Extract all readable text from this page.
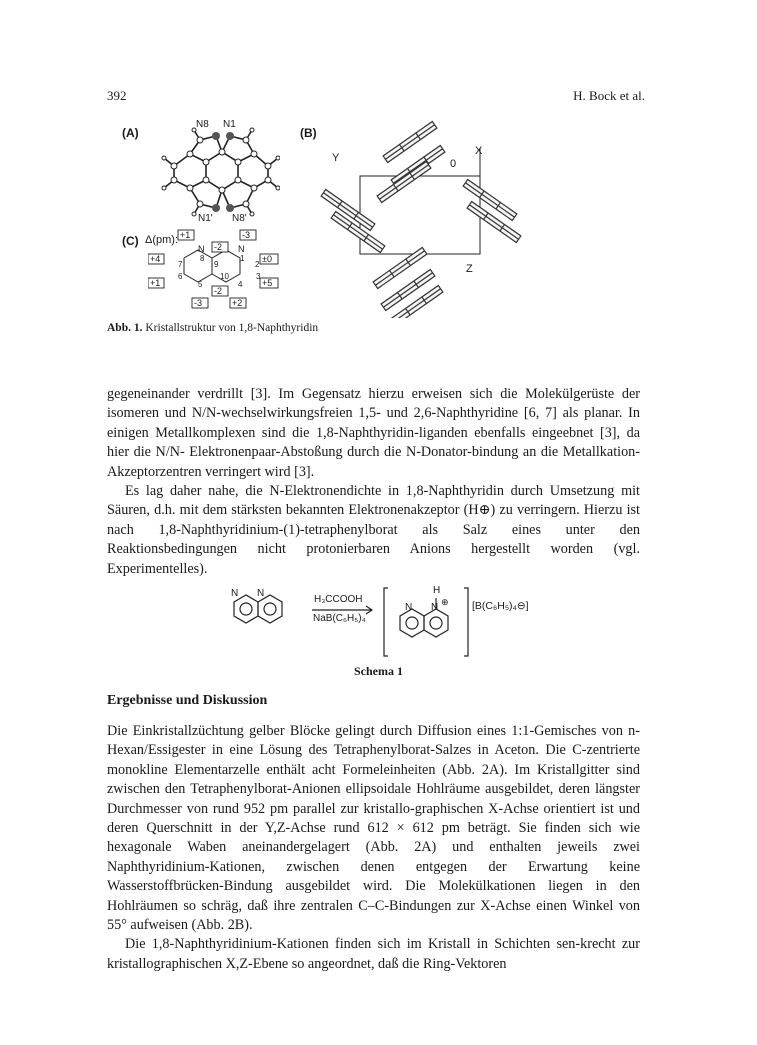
392	H. Bock et al.
(A)	(B)
(C)
N8 N1
N1' N8'
Y	0
X
Z
Δ(pm): +1	-3
-2
+4	±0
+1	+5
-2
-3	+2
N	N
8	1
7	9	2
10
6	3
5	4
Abb. 1. Kristallstruktur von 1,8-Naphthyridin

gegeneinander verdrillt [3]. Im Gegensatz hierzu erweisen sich die Molekülgerüste der isomeren und N/N-wechselwirkungsfreien 1,5- und 2,6-Naphthyridine [6, 7] als planar. In einigen Metallkomplexen sind die 1,8-Naphthyridin-liganden ebenfalls eingeebnet [3], da hier die N/N- Elektronenpaar-Abstoßung durch die N-Donator-bindung an die Metallkation-Akzeptorzentren verringert wird [3].

Es lag daher nahe, die N-Elektronendichte in 1,8-Naphthyridin durch Umsetzung mit Säuren, d.h. mit dem stärksten bekannten Elektronenakzeptor (H⊕) zu verringern. Hierzu ist nach 1,8-Naphthyridinium-(1)-tetraphenylborat als Salz eines unter den Reaktionsbedingungen nicht protonierbaren Anions hergestellt worden (vgl. Experimentelles).

N N
H₃CCOOH
NaB(C₆H₅)₄
H
N N ⊕ [B(C₆H₅)₄⊖]
Schema 1
Ergebnisse und Diskussion

Die Einkristallzüchtung gelber Blöcke gelingt durch Diffusion eines 1:1-Gemisches von n-Hexan/Essigester in eine Lösung des Tetraphenylborat-Salzes in Aceton. Die C-zentrierte monokline Elementarzelle enthält acht Formeleinheiten (Abb. 2A). Im Kristallgitter sind zwischen den Tetraphenylborat-Anionen ellipsoidale Hohlräume ausgebildet, deren längster Durchmesser von rund 952 pm parallel zur kristallo-graphischen X-Achse orientiert ist und deren Querschnitt in der Y,Z-Achse rund 612 × 612 pm beträgt. Sie finden sich wie hexagonale Waben aneinandergelagert (Abb. 2A) und enthalten jeweils zwei Naphthyridinium-Kationen, zwischen denen entgegen der Erwartung keine Wasserstoffbrücken-Bindung ausgebildet wird. Die Molekülkationen liegen in den Hohlräumen so schräg, daß ihre zentralen C–C-Bindungen zur X-Achse einen Winkel von 55° aufweisen (Abb. 2B).

Die 1,8-Naphthyridinium-Kationen finden sich im Kristall in Schichten sen-krecht zur kristallographischen X,Z-Ebene so angeordnet, daß die Ring-Vektoren
